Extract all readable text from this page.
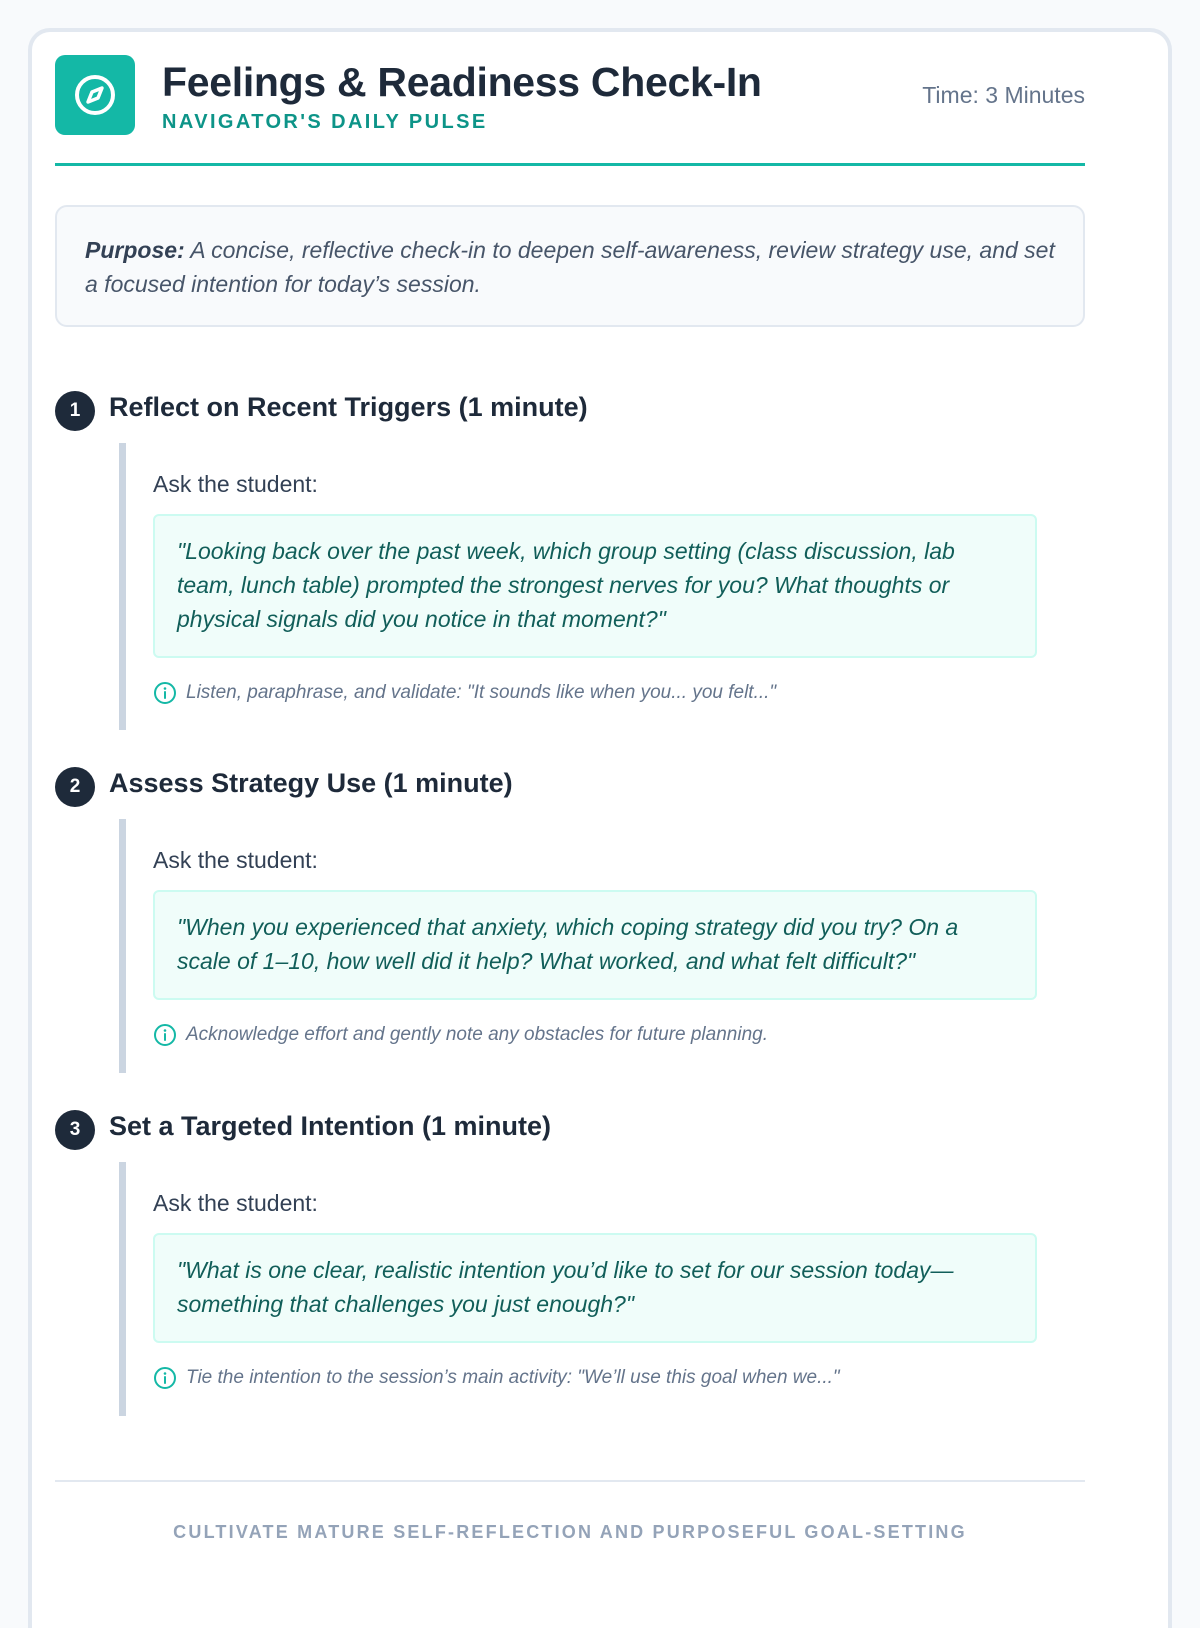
Feelings & Readiness Check-In
NAVIGATOR'S DAILY PULSE
Time: 3 Minutes
Purpose: A concise, reflective check-in to deepen self-awareness, review strategy use, and set a focused intention for today’s session.
1	Reflect on Recent Triggers (1 minute)
Ask the student:
"Looking back over the past week, which group setting (class discussion, lab team, lunch table) prompted the strongest nerves for you? What thoughts or physical signals did you notice in that moment?"
Listen, paraphrase, and validate: "It sounds like when you... you felt..."
2	Assess Strategy Use (1 minute)
Ask the student:
"When you experienced that anxiety, which coping strategy did you try? On a scale of 1–10, how well did it help? What worked, and what felt difficult?"
Acknowledge effort and gently note any obstacles for future planning.
3	Set a Targeted Intention (1 minute)
Ask the student:
"What is one clear, realistic intention you’d like to set for our session today—something that challenges you just enough?"
Tie the intention to the session’s main activity: "We’ll use this goal when we..."
CULTIVATE MATURE SELF-REFLECTION AND PURPOSEFUL GOAL-SETTING
